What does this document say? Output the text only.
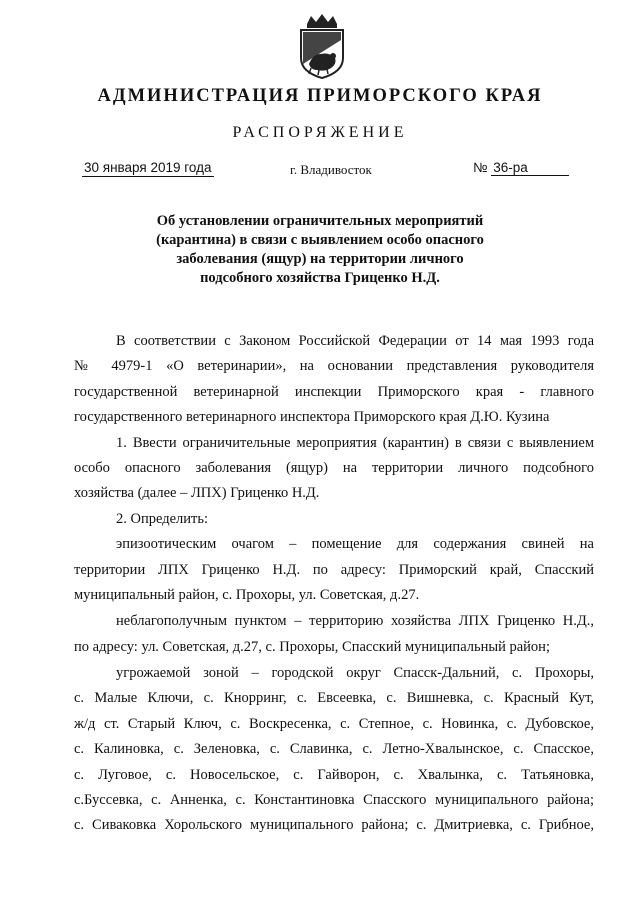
АДМИНИСТРАЦИЯ ПРИМОРСКОГО КРАЯ
РАСПОРЯЖЕНИЕ
30 января 2019 года	г. Владивосток	№ 36-ра
Об установлении ограничительных мероприятий
(карантина) в связи с выявлением особо опасного
заболевания (ящур) на территории личного
подсобного хозяйства Гриценко Н.Д.
В соответствии с Законом Российской Федерации от 14 мая 1993 года
№ 4979-1 «О ветеринарии», на основании представления руководителя
государственной ветеринарной инспекции Приморского края - главного
государственного ветеринарного инспектора Приморского края Д.Ю. Кузина
1. Ввести ограничительные мероприятия (карантин) в связи с выявлением
особо опасного заболевания (ящур) на территории личного подсобного
хозяйства (далее – ЛПХ) Гриценко Н.Д.
2. Определить:
эпизоотическим очагом – помещение для содержания свиней на
территории ЛПХ Гриценко Н.Д. по адресу: Приморский край, Спасский
муниципальный район, с. Прохоры, ул. Советская, д.27.
неблагополучным пунктом – территорию хозяйства ЛПХ Гриценко Н.Д.,
по адресу: ул. Советская, д.27, с. Прохоры, Спасский муниципальный район;
угрожаемой зоной – городской округ Спасск-Дальний, с. Прохоры,
с. Малые Ключи, с. Кнорринг, с. Евсеевка, с. Вишневка, с. Красный Кут,
ж/д ст. Старый Ключ, с. Воскресенка, с. Степное, с. Новинка, с. Дубовское,
с. Калиновка, с. Зеленовка, с. Славинка, с. Летно-Хвалынское, с. Спасское,
с. Луговое, с. Новосельское, с. Гайворон, с. Хвалынка, с. Татьяновка,
с.Буссевка, с. Анненка, с. Константиновка Спасского муниципального района;
с. Сиваковка Хорольского муниципального района; с. Дмитриевка, с. Грибное,
